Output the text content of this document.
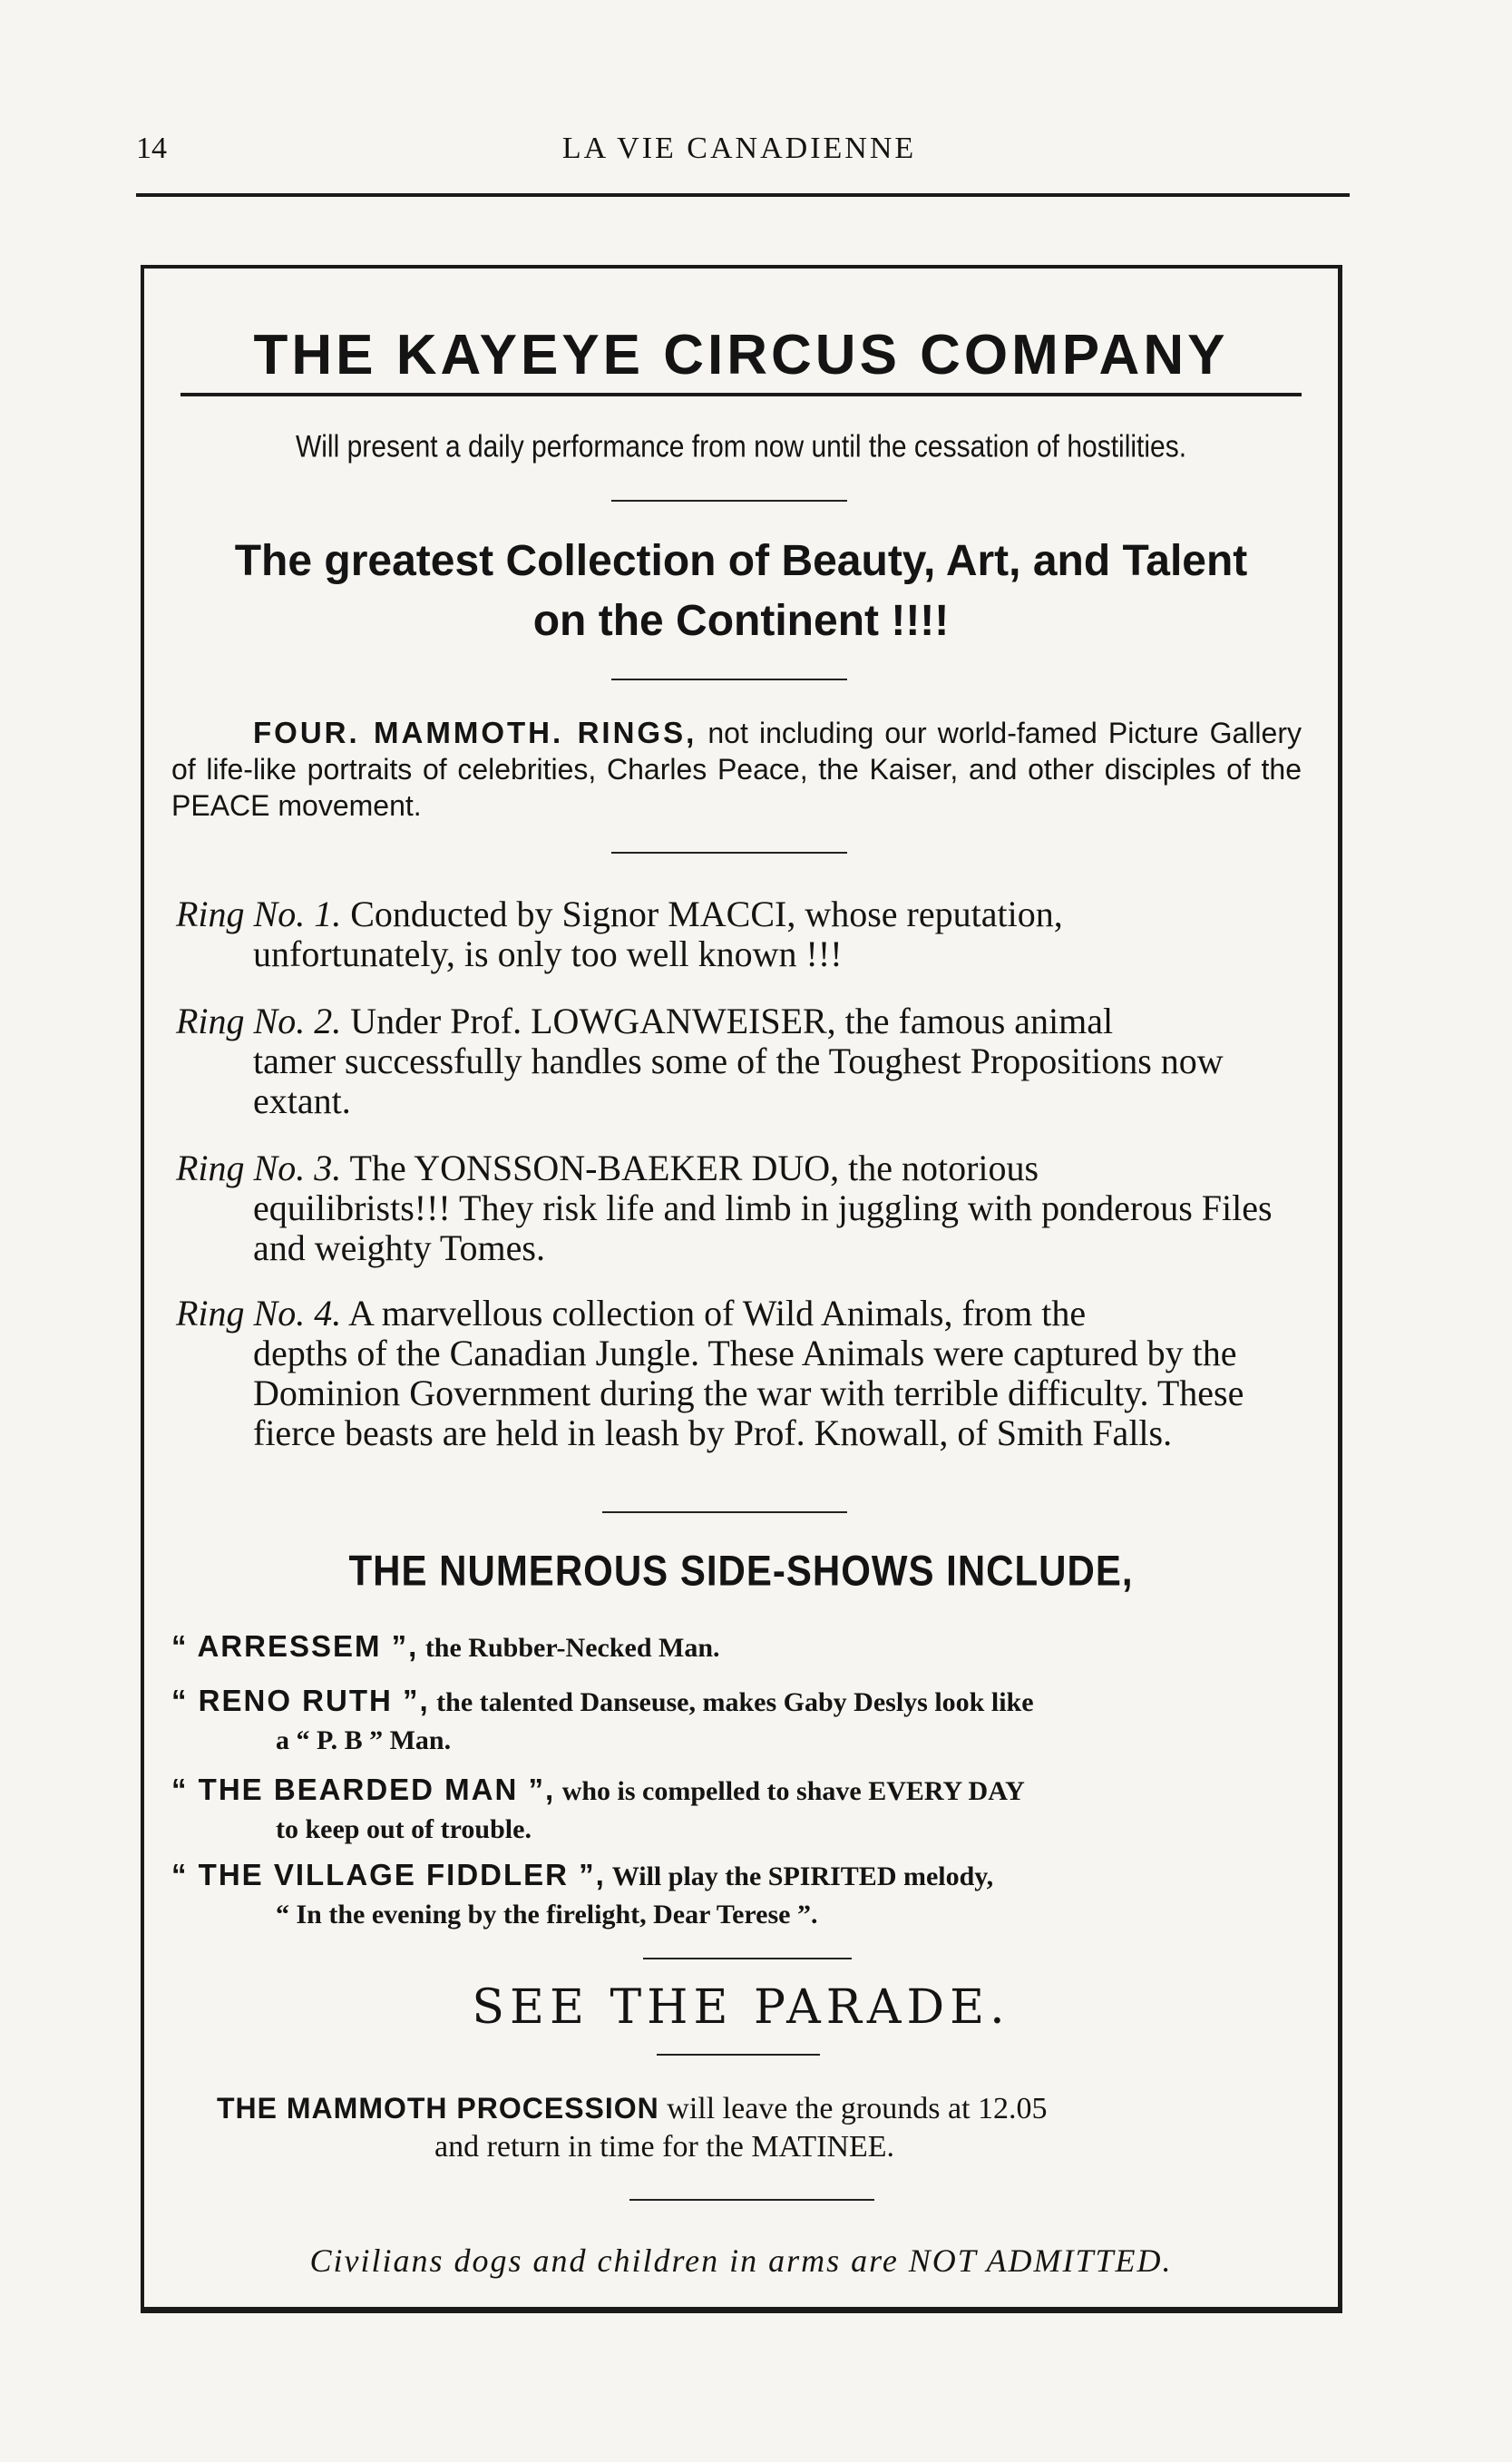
14	LA VIE CANADIENNE
THE KAYEYE CIRCUS COMPANY
Will present a daily performance from now until the cessation of hostilities.
The greatest Collection of Beauty, Art, and Talent
on the Continent !!!!
FOUR. MAMMOTH. RINGS, not including our world-famed Picture Gallery of life-like portraits of celebrities, Charles Peace, the Kaiser, and other disciples of the PEACE movement.
Ring No. 1. Conducted by Signor MACCI, whose reputation,
unfortunately, is only too well known !!!
Ring No. 2. Under Prof. LOWGANWEISER, the famous animal
tamer successfully handles some of the Toughest Propositions now extant.
Ring No. 3. The YONSSON-BAEKER DUO, the notorious
equilibrists!!! They risk life and limb in juggling with ponderous Files and weighty Tomes.
Ring No. 4. A marvellous collection of Wild Animals, from the
depths of the Canadian Jungle. These Animals were captured by the Dominion Government during the war with terrible difficulty. These fierce beasts are held in leash by Prof. Knowall, of Smith Falls.
THE NUMEROUS SIDE-SHOWS INCLUDE,
“ ARRESSEM ”, the Rubber-Necked Man.
“ RENO RUTH ”, the talented Danseuse, makes Gaby Deslys look like
a “ P. B ” Man.
“ THE BEARDED MAN ”, who is compelled to shave EVERY DAY
to keep out of trouble.
“ THE VILLAGE FIDDLER ”, Will play the SPIRITED melody,
“ In the evening by the firelight, Dear Terese ”.
SEE THE PARADE.
THE MAMMOTH PROCESSION will leave the grounds at 12.05
and return in time for the MATINEE.
Civilians dogs and children in arms are NOT ADMITTED.
